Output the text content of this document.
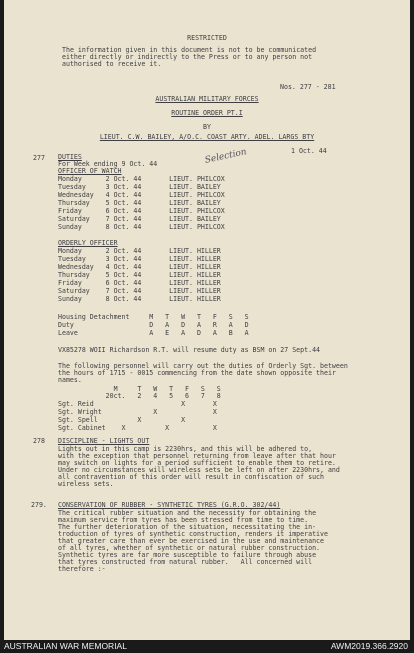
RESTRICTED
The information given in this document is not to be communicated
either directly or indirectly to the Press or to any person not
authorised to receive it.
Nos. 277 - 281
AUSTRALIAN MILITARY FORCES
ROUTINE ORDER PT.I
BY
LIEUT. C.W. BAILEY, A/O.C. COAST ARTY. ADEL. LARGS BTY
1 Oct. 44
Selection
277 DUTIES
For Week ending 9 Oct. 44
OFFICER OF WATCH
Monday      2 Oct. 44       LIEUT. PHILCOX
Tuesday     3 Oct. 44       LIEUT. BAILEY
Wednesday   4 Oct. 44       LIEUT. PHILCOX
Thursday    5 Oct. 44       LIEUT. BAILEY
Friday      6 Oct. 44       LIEUT. PHILCOX
Saturday    7 Oct. 44       LIEUT. BAILEY
Sunday      8 Oct. 44       LIEUT. PHILCOX
ORDERLY OFFICER
Monday      2 Oct. 44       LIEUT. HILLER
Tuesday     3 Oct. 44       LIEUT. HILLER
Wednesday   4 Oct. 44       LIEUT. HILLER
Thursday    5 Oct. 44       LIEUT. HILLER
Friday      6 Oct. 44       LIEUT. HILLER
Saturday    7 Oct. 44       LIEUT. HILLER
Sunday      8 Oct. 44       LIEUT. HILLER
Housing Detachment     M   T   W   T   F   S   S
Duty                   D   A   D   A   R   A   D
Leave                  A   E   A   D   A   B   A
VX85278 WOII Richardson R.T. will resume duty as BSM on 27 Sept.44
The following personnel will carry out the duties of Orderly Sgt. between
the hours of 1715 - 0015 commencing from the date shown opposite their
names.
M     T   W   T   F   S   S
20ct.   2   4   5   6   7   8
Sgt. Reid                      X       X
Sgt. Wright             X              X
Sgt. Spell          X          X
Sgt. Cabinet    X          X           X
278 DISCIPLINE - LIGHTS OUT
Lights out in this camp is 2230hrs, and this will be adhered to,
with the exception that personnel returning from leave after that hour
may switch on lights for a period sufficient to enable them to retire.
Under no circumstances will wireless sets be left on after 2230hrs, and
all contravention of this order will result in confiscation of such
wireless sets.
279. CONSERVATION OF RUBBER - SYNTHETIC TYRES (G.R.O. 302/44)
The critical rubber situation and the necessity for obtaining the
maximum service from tyres has been stressed from time to time.
The further deterioration of the situation, necessitating the in-
troduction of tyres of synthetic construction, renders it imperative
that greater care than ever be exercised in the use and maintenance
of all tyres, whether of synthetic or natural rubber construction.
Synthetic tyres are far more susceptible to failure through abuse
that tyres constructed from natural rubber.   All concerned will
therefore :-
AUSTRALIAN WAR MEMORIAL	AWM2019.366.2920
